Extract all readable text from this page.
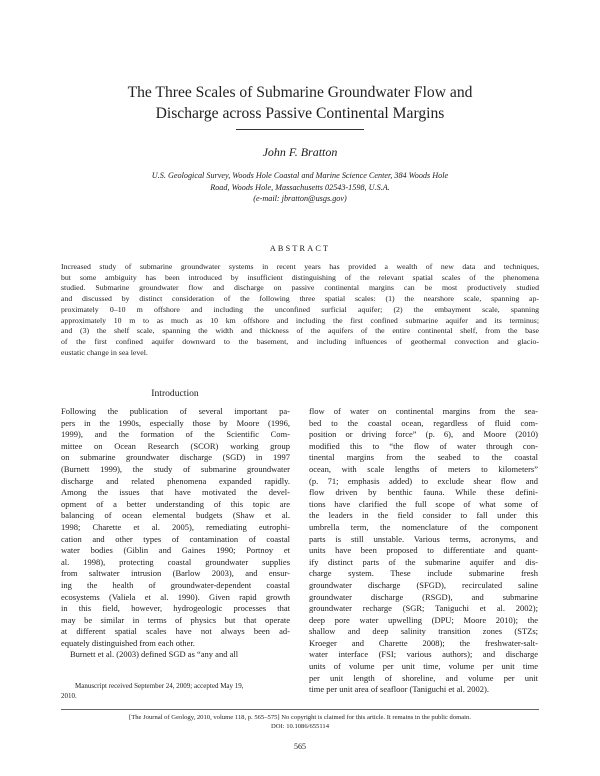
The Three Scales of Submarine Groundwater Flow and
Discharge across Passive Continental Margins
John F. Bratton
U.S. Geological Survey, Woods Hole Coastal and Marine Science Center, 384 Woods Hole
Road, Woods Hole, Massachusetts 02543-1598, U.S.A.
(e-mail: jbratton@usgs.gov)
ABSTRACT
Increased study of submarine groundwater systems in recent years has provided a wealth of new data and techniques,
but some ambiguity has been introduced by insufficient distinguishing of the relevant spatial scales of the phenomena
studied. Submarine groundwater flow and discharge on passive continental margins can be most productively studied
and discussed by distinct consideration of the following three spatial scales: (1) the nearshore scale, spanning ap-
proximately 0–10 m offshore and including the unconfined surficial aquifer; (2) the embayment scale, spanning
approximately 10 m to as much as 10 km offshore and including the first confined submarine aquifer and its terminus;
and (3) the shelf scale, spanning the width and thickness of the aquifers of the entire continental shelf, from the base
of the first confined aquifer downward to the basement, and including influences of geothermal convection and glacio-
eustatic change in sea level.
Introduction
Following the publication of several important pa-
pers in the 1990s, especially those by Moore (1996,
1999), and the formation of the Scientific Com-
mittee on Ocean Research (SCOR) working group
on submarine groundwater discharge (SGD) in 1997
(Burnett 1999), the study of submarine groundwater
discharge and related phenomena expanded rapidly.
Among the issues that have motivated the devel-
opment of a better understanding of this topic are
balancing of ocean elemental budgets (Shaw et al.
1998; Charette et al. 2005), remediating eutrophi-
cation and other types of contamination of coastal
water bodies (Giblin and Gaines 1990; Portnoy et
al. 1998), protecting coastal groundwater supplies
from saltwater intrusion (Barlow 2003), and ensur-
ing the health of groundwater-dependent coastal
ecosystems (Valiela et al. 1990). Given rapid growth
in this field, however, hydrogeologic processes that
may be similar in terms of physics but that operate
at different spatial scales have not always been ad-
equately distinguished from each other.
Burnett et al. (2003) defined SGD as “any and all
flow of water on continental margins from the sea-
bed to the coastal ocean, regardless of fluid com-
position or driving force” (p. 6), and Moore (2010)
modified this to “the flow of water through con-
tinental margins from the seabed to the coastal
ocean, with scale lengths of meters to kilometers”
(p. 71; emphasis added) to exclude shear flow and
flow driven by benthic fauna. While these defini-
tions have clarified the full scope of what some of
the leaders in the field consider to fall under this
umbrella term, the nomenclature of the component
parts is still unstable. Various terms, acronyms, and
units have been proposed to differentiate and quant-
ify distinct parts of the submarine aquifer and dis-
charge system. These include submarine fresh
groundwater discharge (SFGD), recirculated saline
groundwater discharge (RSGD), and submarine
groundwater recharge (SGR; Taniguchi et al. 2002);
deep pore water upwelling (DPU; Moore 2010); the
shallow and deep salinity transition zones (STZs;
Kroeger and Charette 2008); the freshwater-salt-
water interface (FSI; various authors); and discharge
units of volume per unit time, volume per unit time
per unit length of shoreline, and volume per unit
time per unit area of seafloor (Taniguchi et al. 2002).
Manuscript received September 24, 2009; accepted May 19,
2010.
[The Journal of Geology, 2010, volume 118, p. 565–575] No copyright is claimed for this article. It remains in the public domain.
DOI: 10.1086/655114
565
